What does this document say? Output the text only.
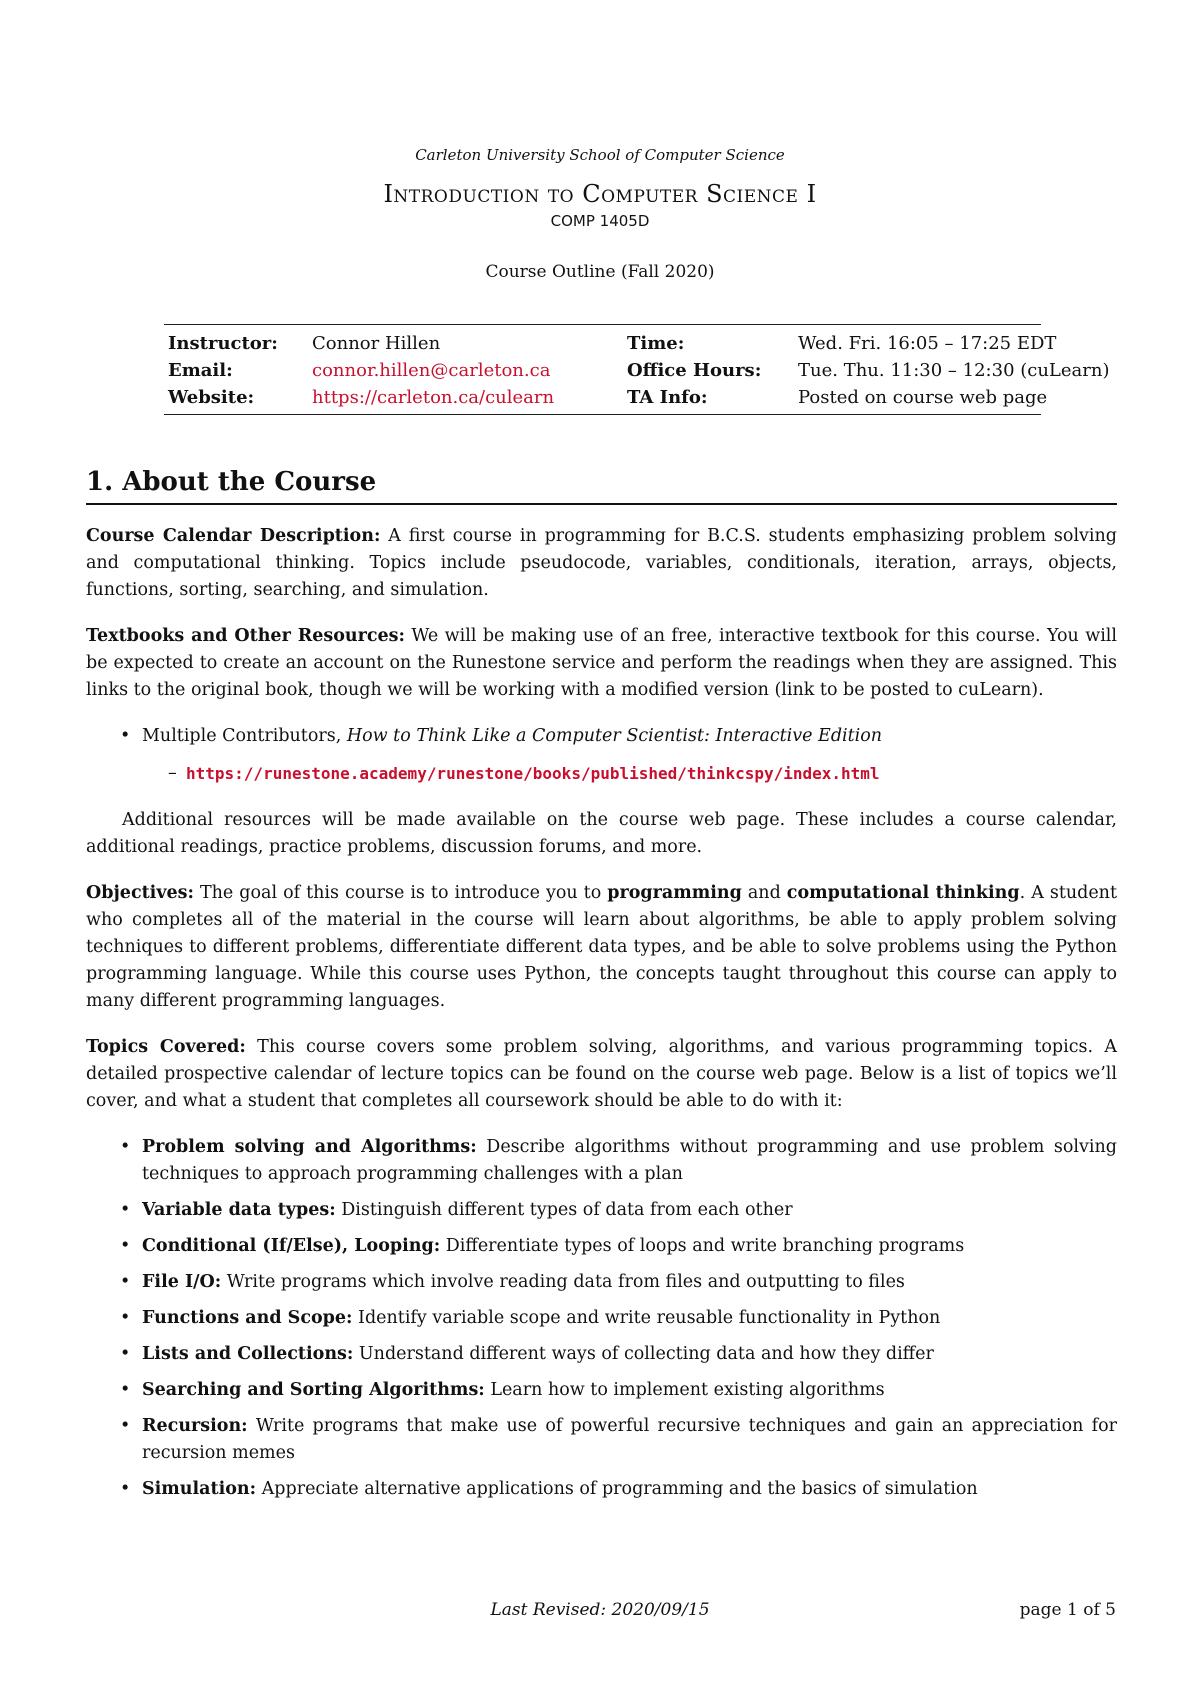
Carleton University School of Computer Science
Introduction to Computer Science I
COMP 1405D
Course Outline (Fall 2020)
Instructor: Connor Hillen	Time:	Wed. Fri. 16:05 – 17:25 EDT
Email:	connor.hillen@carleton.ca	Office Hours: Tue. Thu. 11:30 – 12:30 (cuLearn)
Website:	https://carleton.ca/culearn	TA Info:	Posted on course web page
1. About the Course

Course Calendar Description: A first course in programming for B.C.S. students emphasizing problem solving and computational thinking. Topics include pseudocode, variables, conditionals, iteration, arrays, objects, functions, sorting, searching, and simulation.

Textbooks and Other Resources: We will be making use of an free, interactive textbook for this course. You will be expected to create an account on the Runestone service and perform the readings when they are assigned. This links to the original book, though we will be working with a modified version (link to be posted to cuLearn).

• Multiple Contributors, How to Think Like a Computer Scientist: Interactive Edition
– https://runestone.academy/runestone/books/published/thinkcspy/index.html

Additional resources will be made available on the course web page. These includes a course calendar, additional readings, practice problems, discussion forums, and more.

Objectives: The goal of this course is to introduce you to programming and computational thinking. A student who completes all of the material in the course will learn about algorithms, be able to apply problem solving techniques to different problems, differentiate different data types, and be able to solve problems using the Python programming language. While this course uses Python, the concepts taught throughout this course can apply to many different programming languages.

Topics Covered: This course covers some problem solving, algorithms, and various programming topics. A detailed prospective calendar of lecture topics can be found on the course web page. Below is a list of topics we’ll cover, and what a student that completes all coursework should be able to do with it:

• Problem solving and Algorithms: Describe algorithms without programming and use problem solving techniques to approach programming challenges with a plan
• Variable data types: Distinguish different types of data from each other
• Conditional (If/Else), Looping: Differentiate types of loops and write branching programs
• File I/O: Write programs which involve reading data from files and outputting to files
• Functions and Scope: Identify variable scope and write reusable functionality in Python
• Lists and Collections: Understand different ways of collecting data and how they differ
• Searching and Sorting Algorithms: Learn how to implement existing algorithms
• Recursion: Write programs that make use of powerful recursive techniques and gain an appreciation for recursion memes
• Simulation: Appreciate alternative applications of programming and the basics of simulation
Last Revised: 2020/09/15	page 1 of 5
